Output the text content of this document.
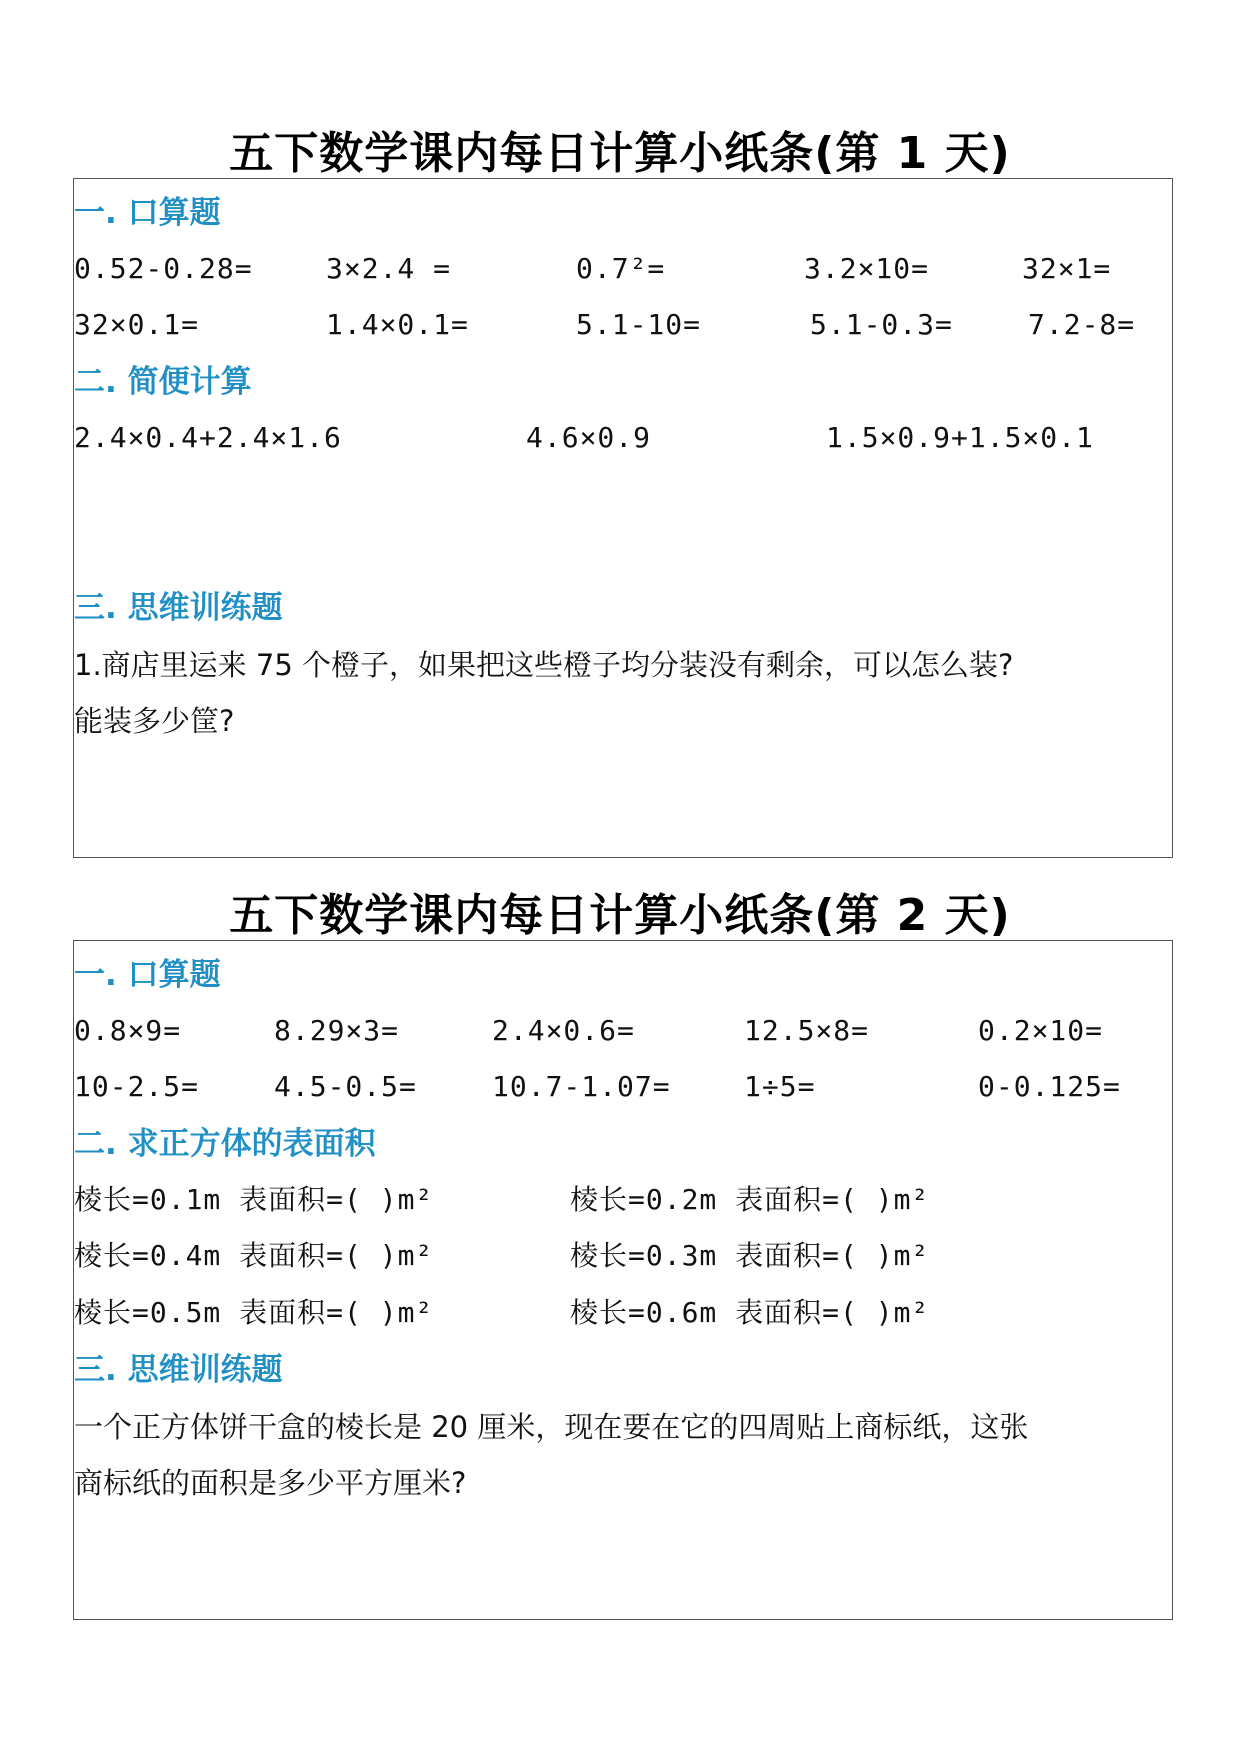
五下数学课内每日计算小纸条(第 1 天)
一. 口算题
0.52-0.28=	3×2.4 =	0.7²=	3.2×10=	32×1=
32×0.1=	1.4×0.1=	5.1-10=	5.1-0.3=	7.2-8=
二. 简便计算
2.4×0.4+2.4×1.6	4.6×0.9	1.5×0.9+1.5×0.1
三. 思维训练题
1.商店里运来 75 个橙子，如果把这些橙子均分装没有剩余，可以怎么装?
能装多少筐?
五下数学课内每日计算小纸条(第 2 天)
一. 口算题
0.8×9=	8.29×3=	2.4×0.6=	12.5×8=	0.2×10=
10-2.5=	4.5-0.5=	10.7-1.07=	1÷5=	0-0.125=
二. 求正方体的表面积
棱长=0.1m 表面积=( )m²	棱长=0.2m 表面积=( )m²
棱长=0.4m 表面积=( )m²	棱长=0.3m 表面积=( )m²
棱长=0.5m 表面积=( )m²	棱长=0.6m 表面积=( )m²
三. 思维训练题
一个正方体饼干盒的棱长是 20 厘米，现在要在它的四周贴上商标纸，这张
商标纸的面积是多少平方厘米?
